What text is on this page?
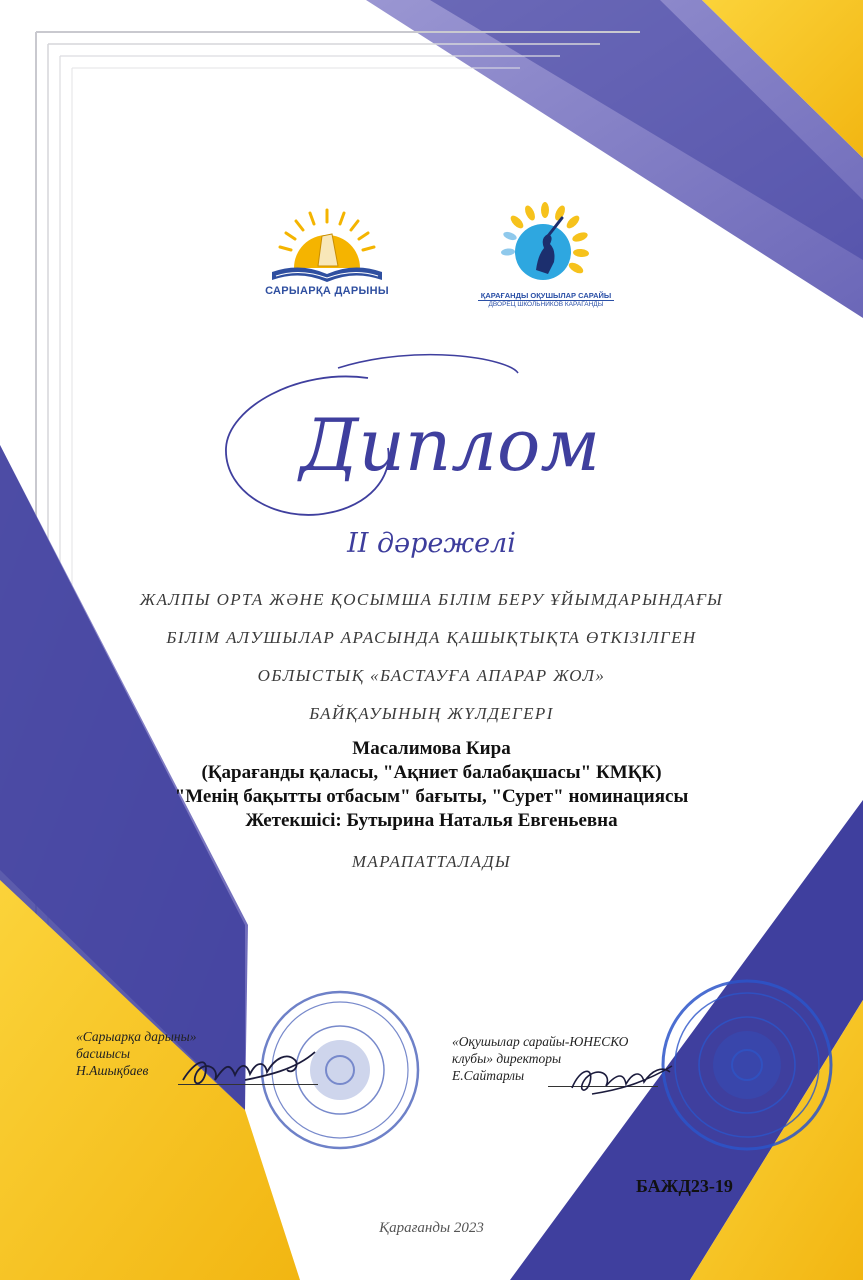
САРЫАРҚА ДАРЫНЫ	ҚАРАҒАНДЫ ОҚУШЫЛАР САРАЙЫ
ДВОРЕЦ ШКОЛЬНИКОВ КАРАГАНДЫ
Диплом
II дәрежелі
ЖАЛПЫ ОРТА ЖӘНЕ ҚОСЫМША БІЛІМ БЕРУ ҰЙЫМДАРЫНДАҒЫ
БІЛІМ АЛУШЫЛАР АРАСЫНДА ҚАШЫҚТЫҚТА ӨТКІЗІЛГЕН
ОБЛЫСТЫҚ «БАСТАУҒА АПАРАР ЖОЛ»
БАЙҚАУЫНЫҢ ЖҮЛДЕГЕРІ
Масалимова Кира
(Қарағанды қаласы, "Ақниет балабақшасы" КМҚК)
"Менің бақытты отбасым" бағыты, "Сурет" номинациясы
Жетекшісі: Бутырина Наталья Евгеньевна
МАРАПАТТАЛАДЫ
«Сарыарқа дарыны»
басшысы
Н.Ашықбаев
«Оқушылар сарайы-ЮНЕСКО
клубы» директоры
Е.Сайтарлы
БАЖД23-19
Қарағанды 2023
